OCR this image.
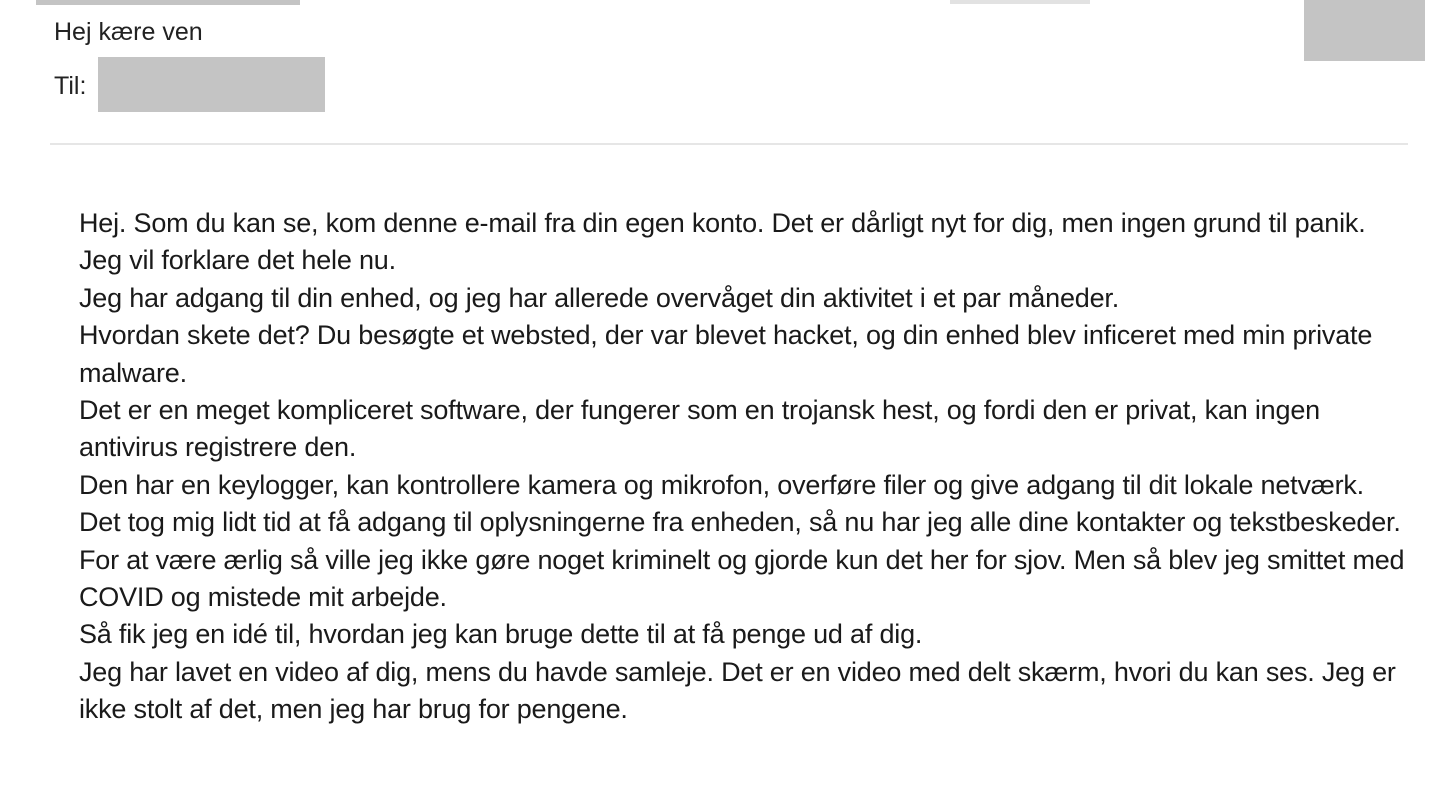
Hej kære ven
Til:

Hej. Som du kan se, kom denne e-mail fra din egen konto. Det er dårligt nyt for dig, men ingen grund til panik. Jeg vil forklare det hele nu.

Jeg har adgang til din enhed, og jeg har allerede overvåget din aktivitet i et par måneder.

Hvordan skete det? Du besøgte et websted, der var blevet hacket, og din enhed blev inficeret med min private malware.

Det er en meget kompliceret software, der fungerer som en trojansk hest, og fordi den er privat, kan ingen antivirus registrere den.

Den har en keylogger, kan kontrollere kamera og mikrofon, overføre filer og give adgang til dit lokale netværk.

Det tog mig lidt tid at få adgang til oplysningerne fra enheden, så nu har jeg alle dine kontakter og tekstbeskeder.

For at være ærlig så ville jeg ikke gøre noget kriminelt og gjorde kun det her for sjov. Men så blev jeg smittet med COVID og mistede mit arbejde.

Så fik jeg en idé til, hvordan jeg kan bruge dette til at få penge ud af dig.

Jeg har lavet en video af dig, mens du havde samleje. Det er en video med delt skærm, hvori du kan ses. Jeg er ikke stolt af det, men jeg har brug for pengene.
